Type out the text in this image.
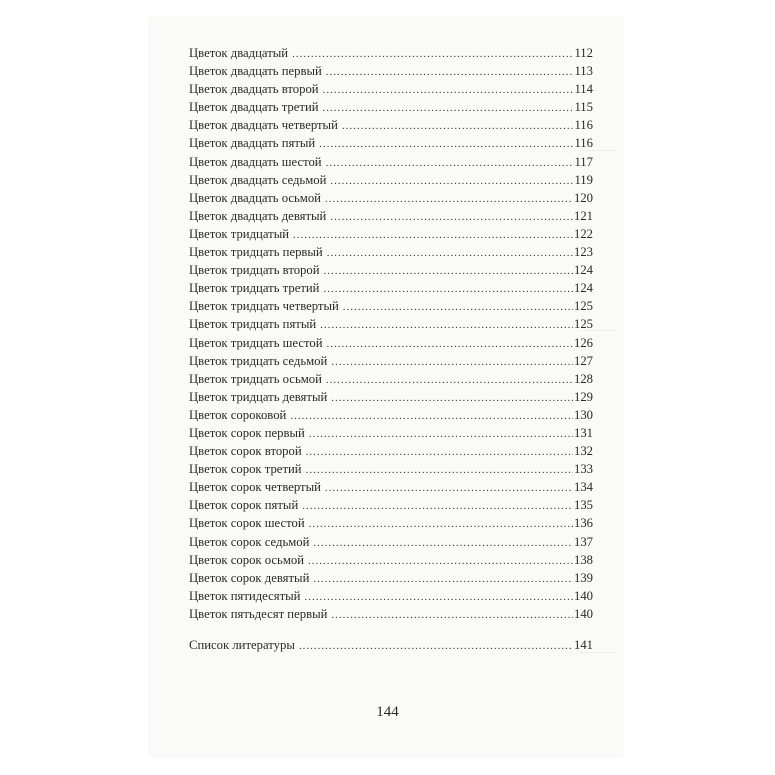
Цветок двадцатый .....	112
Цветок двадцать первый .....	113
Цветок двадцать второй .....	114
Цветок двадцать третий .....	115
Цветок двадцать четвертый .....	116
Цветок двадцать пятый .....	116
Цветок двадцать шестой .....	117
Цветок двадцать седьмой .....	119
Цветок двадцать осьмой .....	120
Цветок двадцать девятый .....	121
Цветок тридцатый .....	122
Цветок тридцать первый .....	123
Цветок тридцать второй .....	124
Цветок тридцать третий .....	124
Цветок тридцать четвертый .....	125
Цветок тридцать пятый .....	125
Цветок тридцать шестой .....	126
Цветок тридцать седьмой .....	127
Цветок тридцать осьмой .....	128
Цветок тридцать девятый .....	129
Цветок сороковой .....	130
Цветок сорок первый .....	131
Цветок сорок второй .....	132
Цветок сорок третий .....	133
Цветок сорок четвертый .....	134
Цветок сорок пятый .....	135
Цветок сорок шестой .....	136
Цветок сорок седьмой .....	137
Цветок сорок осьмой .....	138
Цветок сорок девятый .....	139
Цветок пятидесятый .....	140
Цветок пятьдесят первый .....	140
Список литературы .....	141
144
